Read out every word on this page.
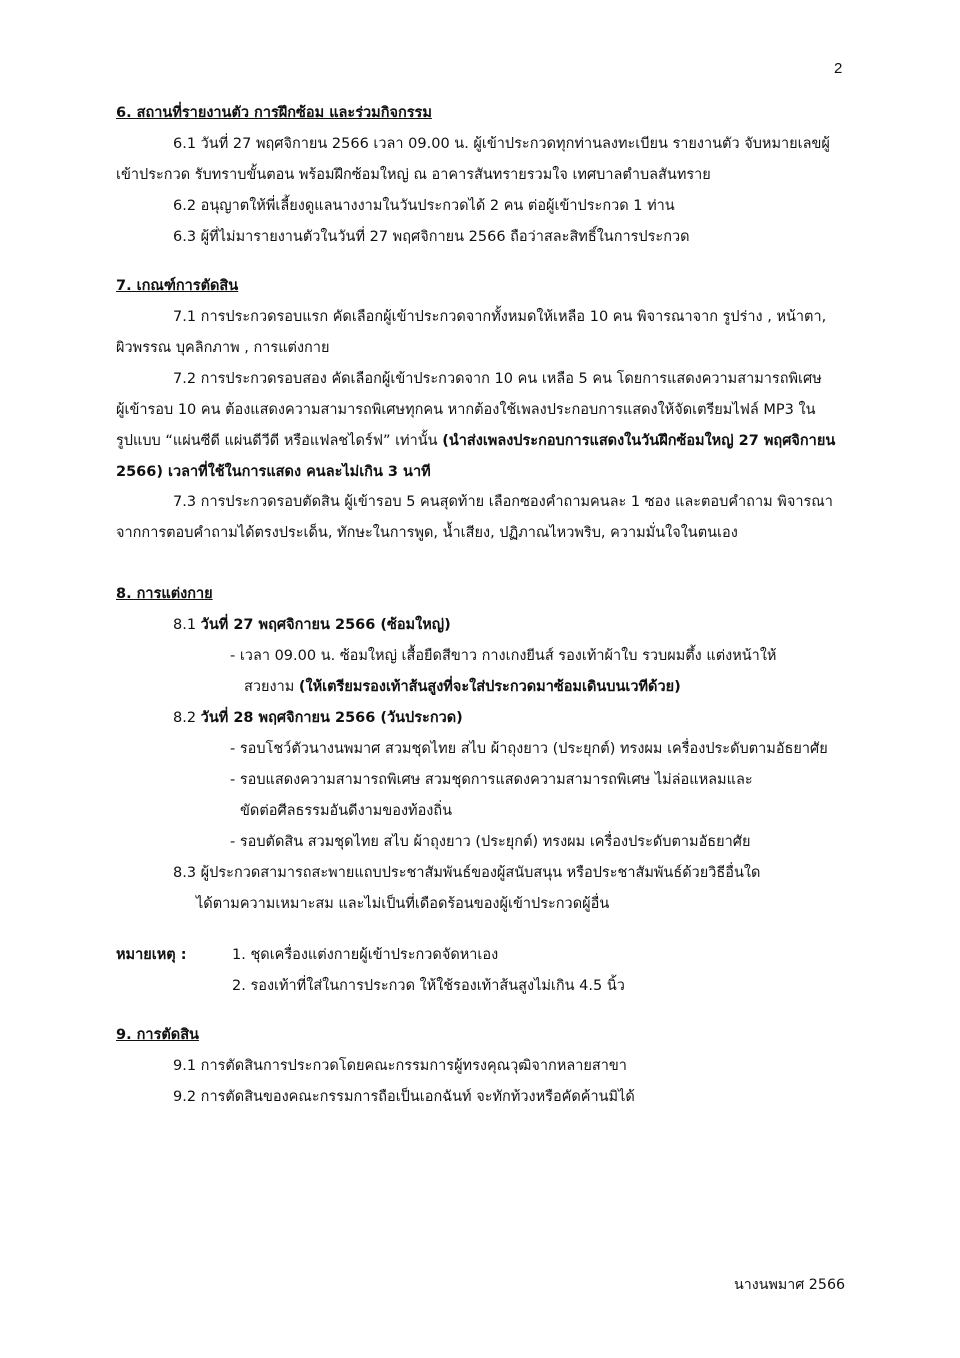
2
6. สถานที่รายงานตัว การฝึกซ้อม และร่วมกิจกรรม
6.1 วันที่ 27 พฤศจิกายน 2566 เวลา 09.00 น. ผู้เข้าประกวดทุกท่านลงทะเบียน รายงานตัว จับหมายเลขผู้
เข้าประกวด รับทราบขั้นตอน พร้อมฝึกซ้อมใหญ่ ณ อาคารสันทรายรวมใจ เทศบาลตำบลสันทราย
6.2 อนุญาตให้พี่เลี้ยงดูแลนางงามในวันประกวดได้ 2 คน ต่อผู้เข้าประกวด 1 ท่าน
6.3 ผู้ที่ไม่มารายงานตัวในวันที่ 27 พฤศจิกายน 2566 ถือว่าสละสิทธิ์ในการประกวด
7. เกณฑ์การตัดสิน
7.1 การประกวดรอบแรก คัดเลือกผู้เข้าประกวดจากทั้งหมดให้เหลือ 10 คน พิจารณาจาก รูปร่าง , หน้าตา,
ผิวพรรณ บุคลิกภาพ , การแต่งกาย
7.2 การประกวดรอบสอง คัดเลือกผู้เข้าประกวดจาก 10 คน เหลือ 5 คน โดยการแสดงความสามารถพิเศษ
ผู้เข้ารอบ 10 คน ต้องแสดงความสามารถพิเศษทุกคน หากต้องใช้เพลงประกอบการแสดงให้จัดเตรียมไฟล์ MP3 ใน
รูปแบบ “แผ่นซีดี แผ่นดีวีดี หรือแฟลชไดร์ฟ” เท่านั้น (นำส่งเพลงประกอบการแสดงในวันฝึกซ้อมใหญ่ 27 พฤศจิกายน
2566) เวลาที่ใช้ในการแสดง คนละไม่เกิน 3 นาที
7.3 การประกวดรอบตัดสิน ผู้เข้ารอบ 5 คนสุดท้าย เลือกซองคำถามคนละ 1 ซอง และตอบคำถาม พิจารณา
จากการตอบคำถามได้ตรงประเด็น, ทักษะในการพูด, น้ำเสียง, ปฏิภาณไหวพริบ, ความมั่นใจในตนเอง
8. การแต่งกาย
8.1 วันที่ 27 พฤศจิกายน 2566 (ซ้อมใหญ่)
- เวลา 09.00 น. ซ้อมใหญ่ เสื้อยืดสีขาว กางเกงยีนส์ รองเท้าผ้าใบ รวบผมตึ้ง แต่งหน้าให้
สวยงาม (ให้เตรียมรองเท้าส้นสูงที่จะใส่ประกวดมาซ้อมเดินบนเวทีด้วย)
8.2 วันที่ 28 พฤศจิกายน 2566 (วันประกวด)
- รอบโชว์ตัวนางนพมาศ สวมชุดไทย สไบ ผ้าถุงยาว (ประยุกต์) ทรงผม เครื่องประดับตามอัธยาศัย
- รอบแสดงความสามารถพิเศษ สวมชุดการแสดงความสามารถพิเศษ ไม่ล่อแหลมและ
ขัดต่อศีลธรรมอันดีงามของท้องถิ่น
- รอบตัดสิน สวมชุดไทย สไบ ผ้าถุงยาว (ประยุกต์) ทรงผม เครื่องประดับตามอัธยาศัย
8.3 ผู้ประกวดสามารถสะพายแถบประชาสัมพันธ์ของผู้สนับสนุน หรือประชาสัมพันธ์ด้วยวิธีอื่นใด
ได้ตามความเหมาะสม และไม่เป็นที่เดือดร้อนของผู้เข้าประกวดผู้อื่น
หมายเหตุ :	1. ชุดเครื่องแต่งกายผู้เข้าประกวดจัดหาเอง
2. รองเท้าที่ใส่ในการประกวด ให้ใช้รองเท้าส้นสูงไม่เกิน 4.5 นิ้ว
9. การตัดสิน
9.1 การตัดสินการประกวดโดยคณะกรรมการผู้ทรงคุณวุฒิจากหลายสาขา
9.2 การตัดสินของคณะกรรมการถือเป็นเอกฉันท์ จะทักท้วงหรือคัดค้านมิได้
นางนพมาศ 2566
